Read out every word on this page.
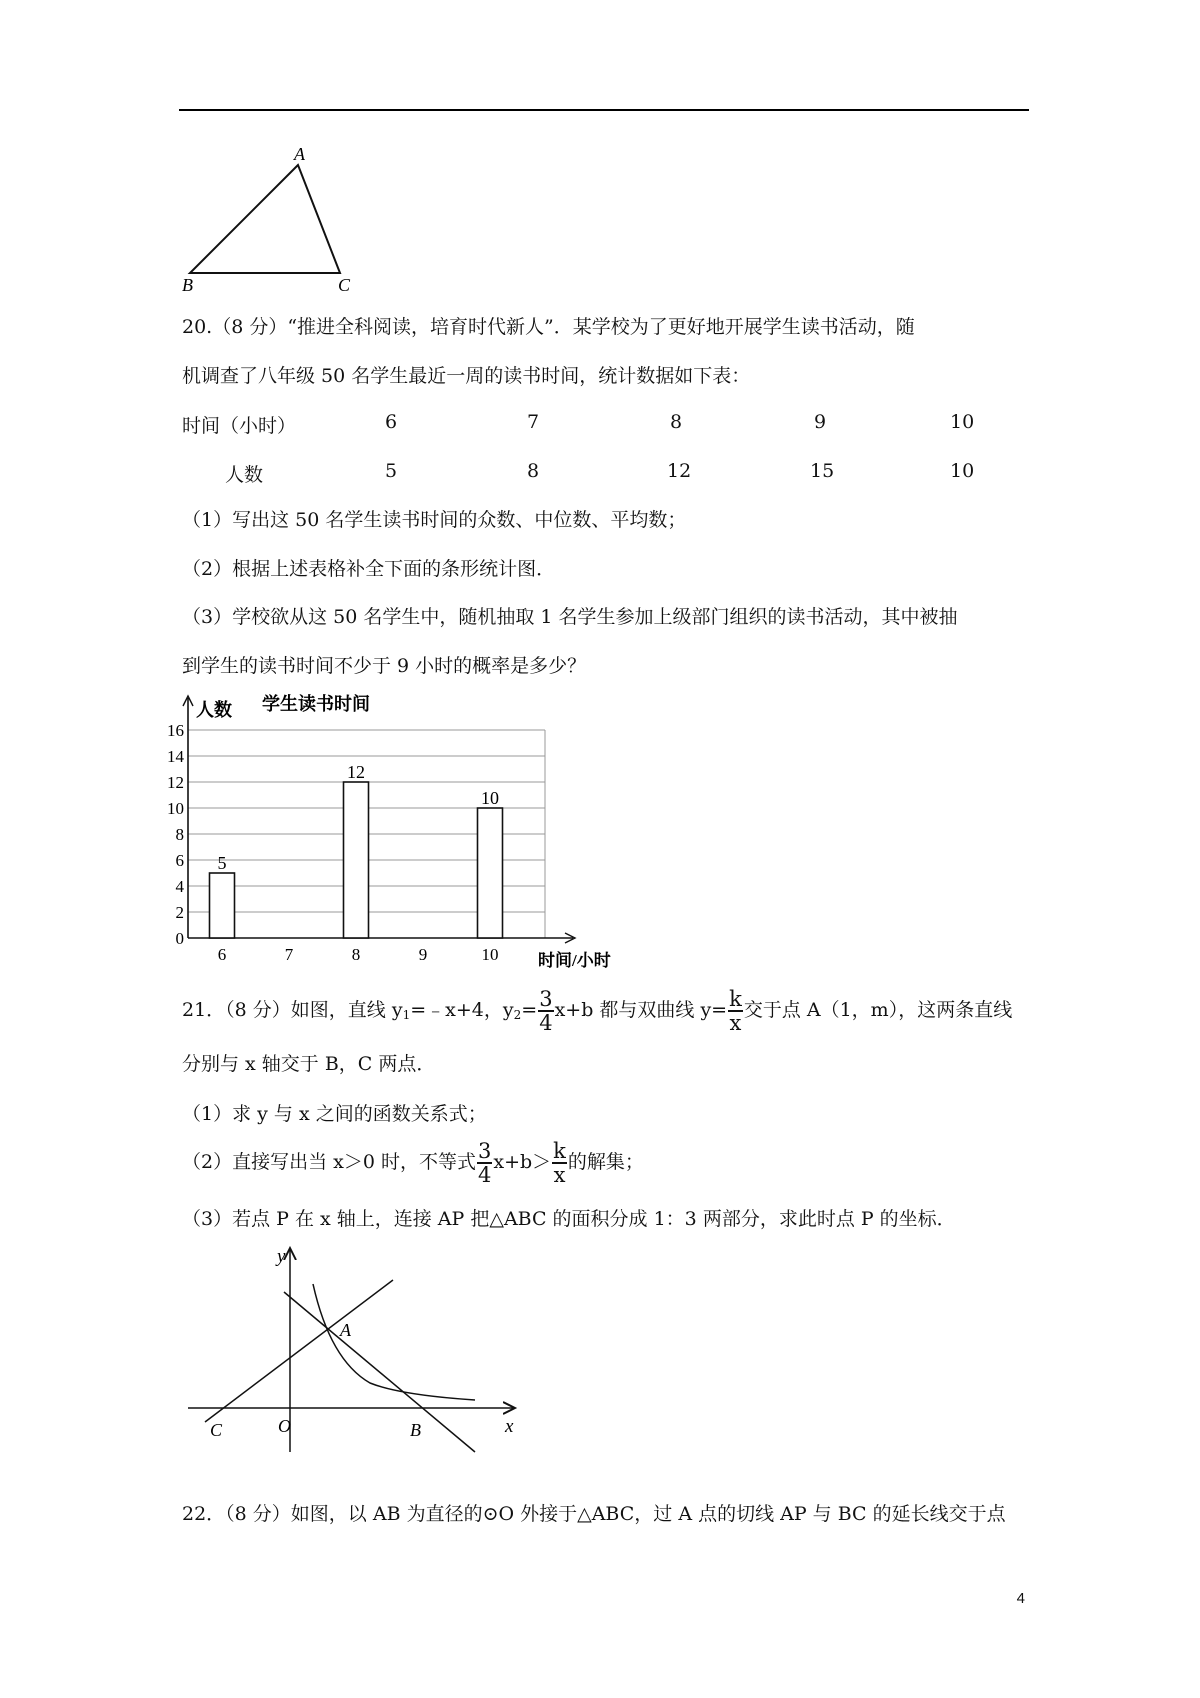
A
B	C
20.（8 分）“推进全科阅读，培育时代新人”．某学校为了更好地开展学生读书活动，随
机调查了八年级 50 名学生最近一周的读书时间，统计数据如下表：
时间（小时）	6	7	8	9	10
人数	5	8	12	15	10
（1）写出这 50 名学生读书时间的众数、中位数、平均数；
（2）根据上述表格补全下面的条形统计图．
（3）学校欲从这 50 名学生中，随机抽取 1 名学生参加上级部门组织的读书活动，其中被抽
到学生的读书时间不少于 9 小时的概率是多少？
5
12
10
0
2
4
6
8
10
12
14
16
6	7	8	9	10
学生读书时间
人数
时间/小时
21．（8 分）如图，直线 $y_1=﹣x+4$，$y_2= \frac{3}{4} x+b$ 都与双曲线 $y= \frac{k}{x}$ 交于点 A（1，m），这两条直线
分别与 x 轴交于 B，C 两点．
（1）求 y 与 x 之间的函数关系式；
（2）直接写出当 x＞0 时，不等式 $\frac{3}{4} x+b> \frac{k}{x}$ 的解集；
（3）若点 P 在 x 轴上，连接 AP 把△ABC 的面积分成 1：3 两部分，求此时点 P 的坐标．
y
x
A
O	B
C
22．（8 分）如图，以 AB 为直径的⊙O 外接于△ABC，过 A 点的切线 AP 与 BC 的延长线交于点
4
